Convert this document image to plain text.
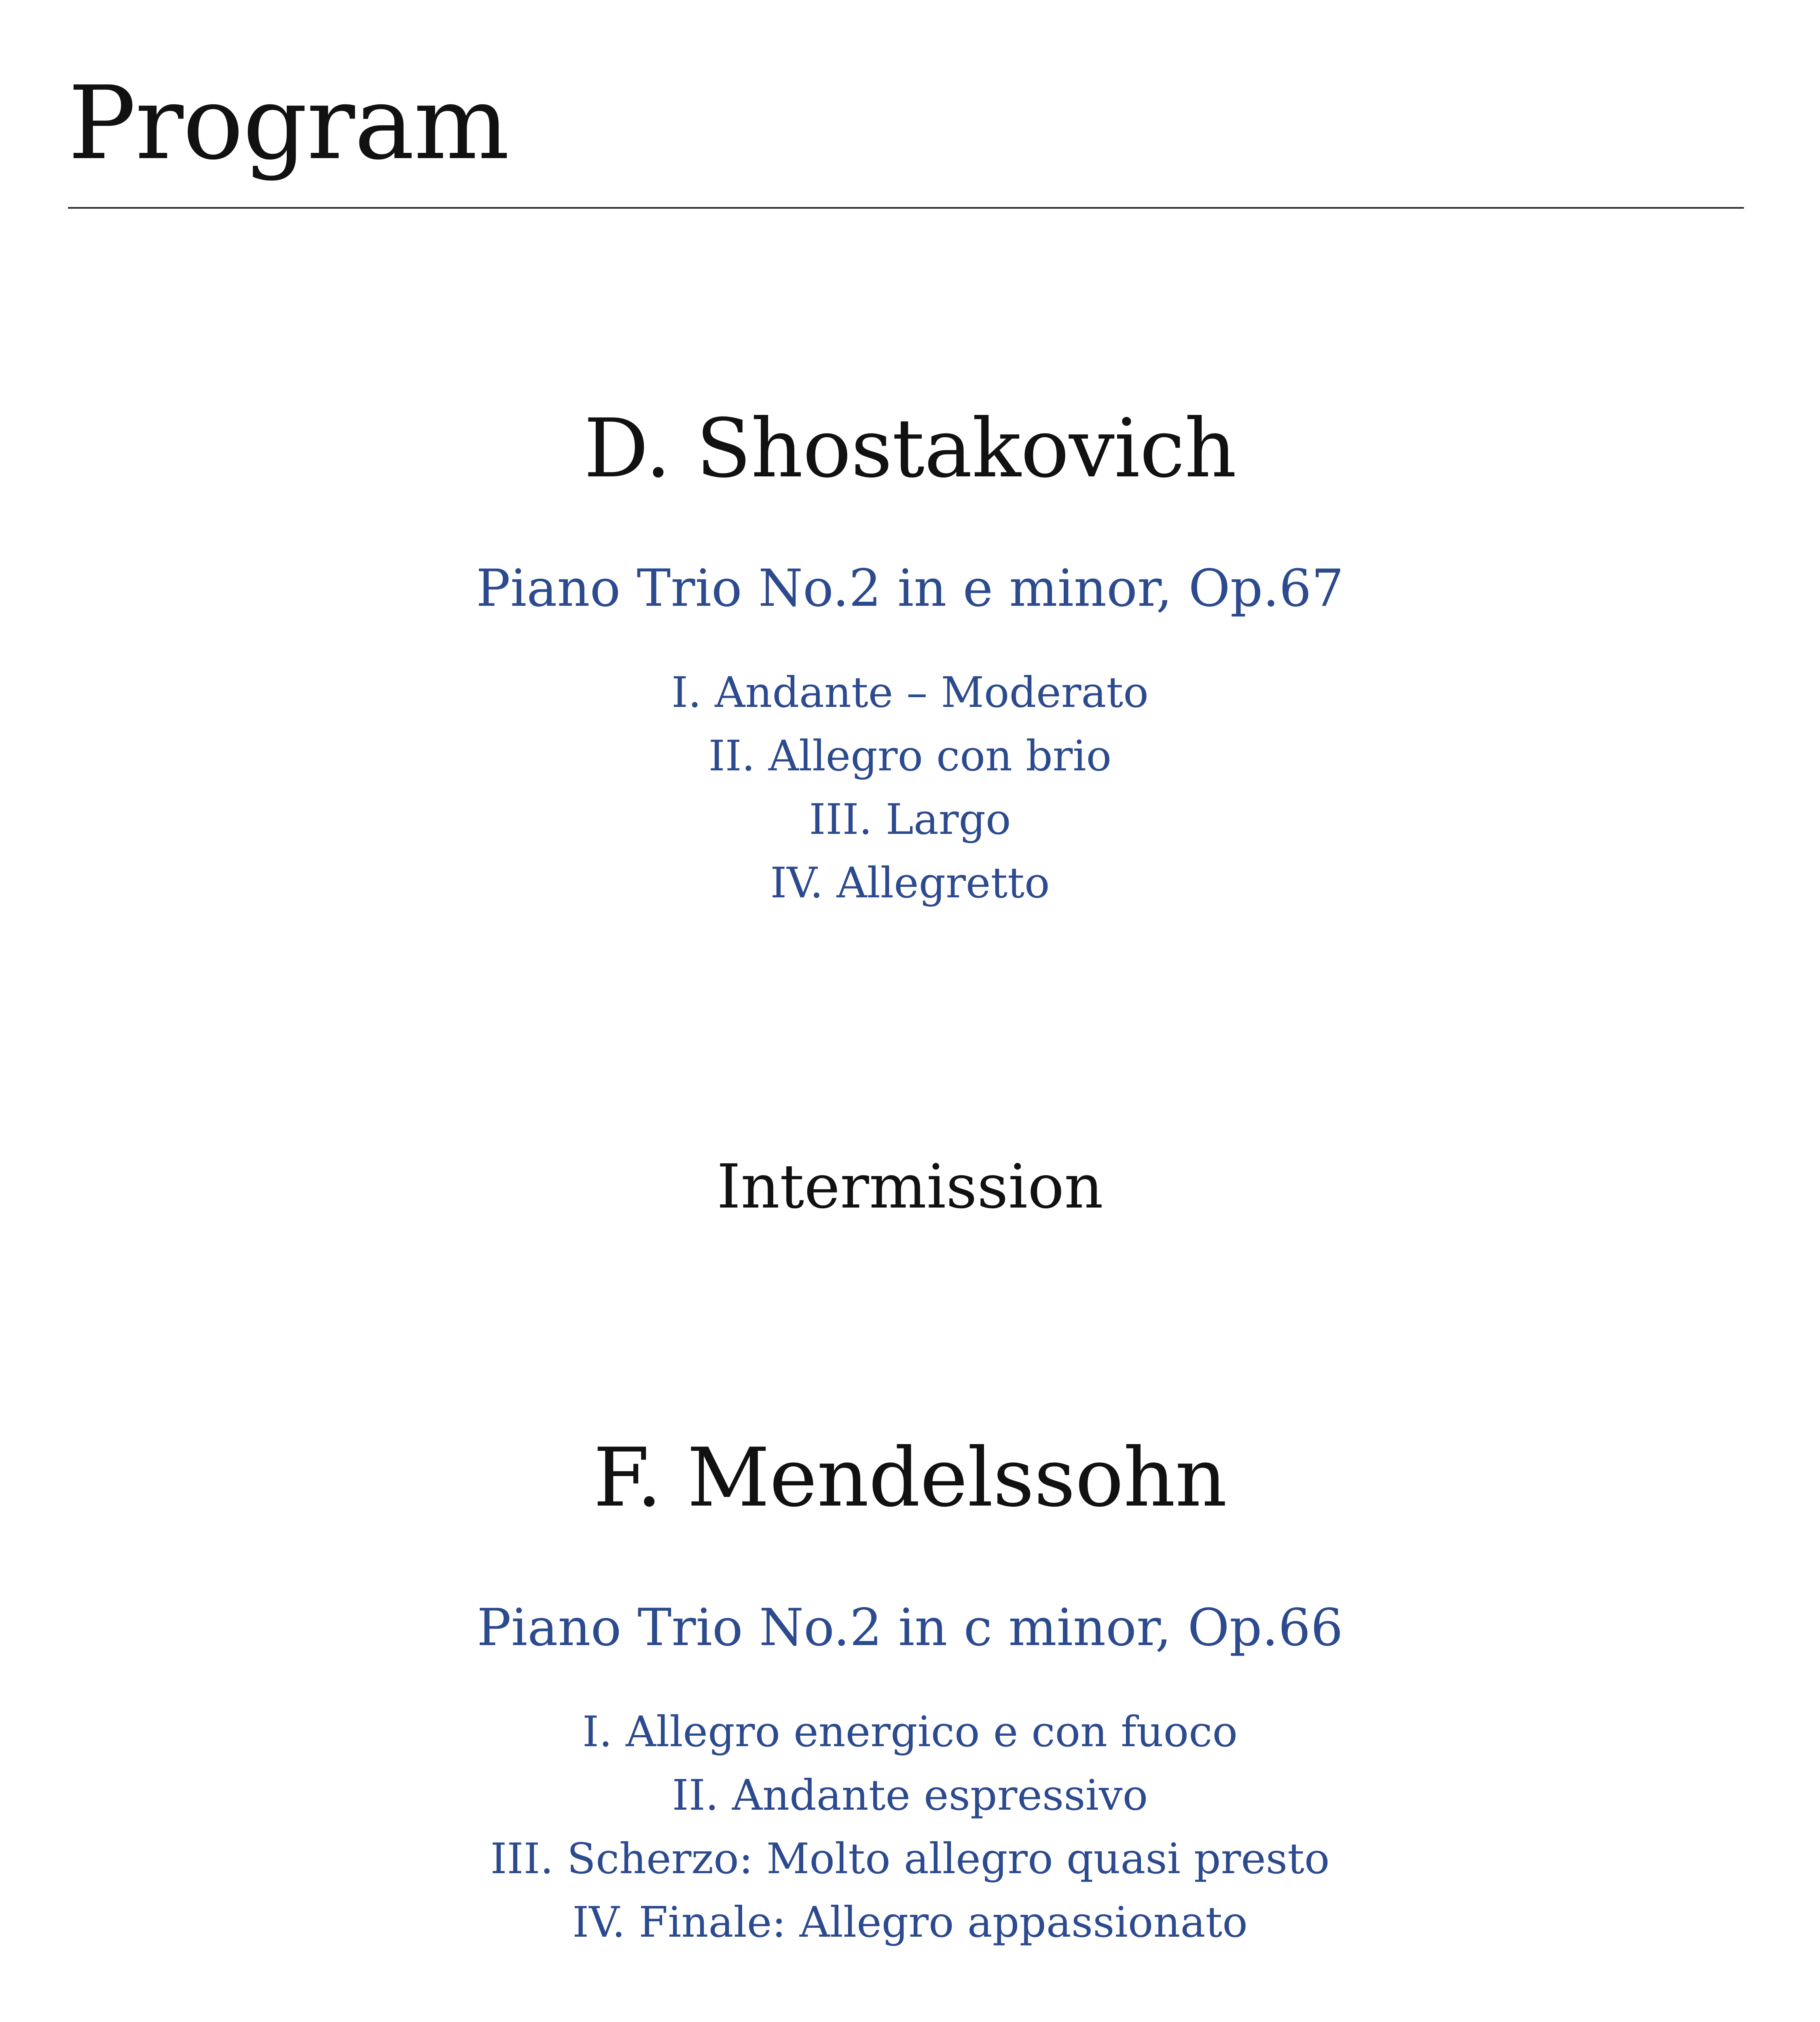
Program
D. Shostakovich

Piano Trio No.2 in e minor, Op.67

I. Andante – Moderato
II. Allegro con brio
III. Largo
IV. Allegretto

Intermission

F. Mendelssohn

Piano Trio No.2 in c minor, Op.66

I. Allegro energico e con fuoco
II. Andante espressivo
III. Scherzo: Molto allegro quasi presto
IV. Finale: Allegro appassionato
